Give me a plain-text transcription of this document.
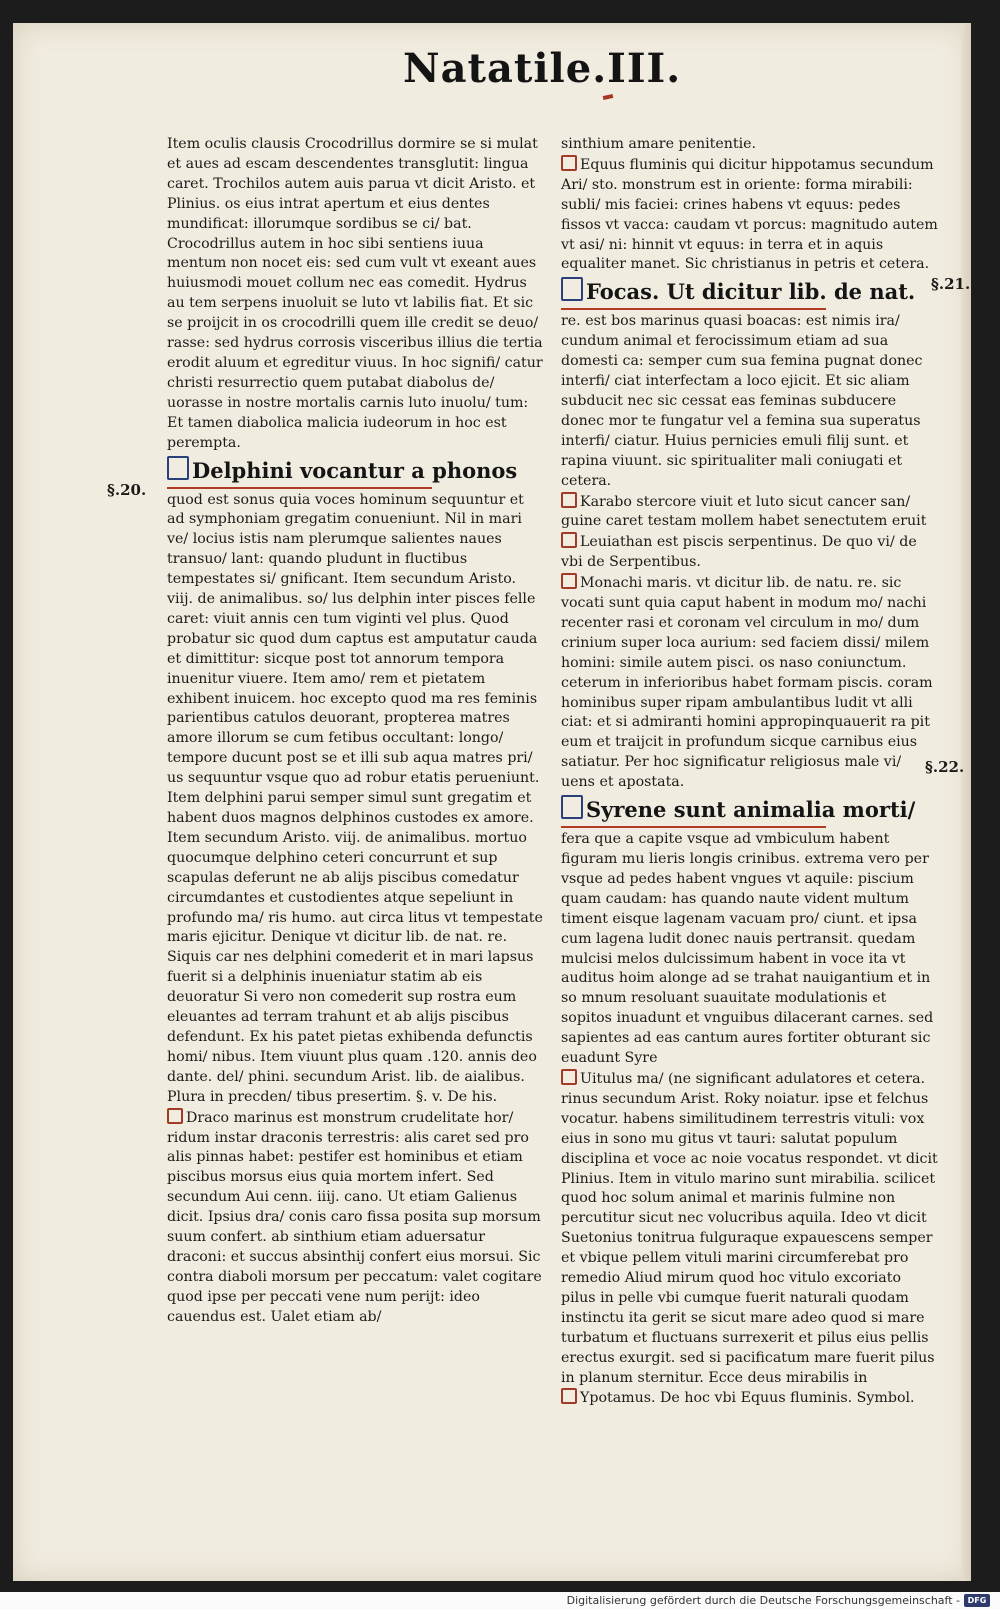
Natatile.III.
§.20.
§.21.
§.22.

Item oculis clausis Crocodrillus dormire se si mulat et aues ad escam descendentes transglutit: lingua caret. Trochilos autem auis parua vt dicit Aristo. et Plinius. os eius intrat apertum et eius dentes mundificat: illorumque sordibus se ci/ bat. Crocodrillus autem in hoc sibi sentiens iuua mentum non nocet eis: sed cum vult vt exeant aues huiusmodi mouet collum nec eas comedit. Hydrus au tem serpens inuoluit se luto vt labilis fiat. Et sic se proijcit in os crocodrilli quem ille credit se deuo/ rasse: sed hydrus corrosis visceribus illius die tertia erodit aluum et egreditur viuus. In hoc signifi/ catur christi resurrectio quem putabat diabolus de/ uorasse in nostre mortalis carnis luto inuolu/ tum: Et tamen diabolica malicia iudeorum in hoc est perempta.

Delphini vocantur a phonos

quod est sonus quia voces hominum sequuntur et ad symphoniam gregatim conueniunt. Nil in mari ve/ locius istis nam plerumque salientes naues transuo/ lant: quando pludunt in fluctibus tempestates si/ gnificant. Item secundum Aristo. viij. de animalibus. so/ lus delphin inter pisces felle caret: viuit annis cen tum viginti vel plus. Quod probatur sic quod dum captus est amputatur cauda et dimittitur: sicque post tot annorum tempora inuenitur viuere. Item amo/ rem et pietatem exhibent inuicem. hoc excepto quod ma res feminis parientibus catulos deuorant, propterea matres amore illorum se cum fetibus occultant: longo/ tempore ducunt post se et illi sub aqua matres pri/ us sequuntur vsque quo ad robur etatis perueniunt. Item delphini parui semper simul sunt gregatim et habent duos magnos delphinos custodes ex amore. Item secundum Aristo. viij. de animalibus. mortuo quocumque delphino ceteri concurrunt et sup scapulas deferunt ne ab alijs piscibus comedatur circumdantes et custodientes atque sepeliunt in profundo ma/ ris humo. aut circa litus vt tempestate maris ejicitur. Denique vt dicitur lib. de nat. re. Siquis car nes delphini comederit et in mari lapsus fuerit si a delphinis inueniatur statim ab eis deuoratur Si vero non comederit sup rostra eum eleuantes ad terram trahunt et ab alijs piscibus defendunt. Ex his patet pietas exhibenda defunctis homi/ nibus. Item viuunt plus quam .120. annis deo dante. del/ phini. secundum Arist. lib. de aialibus. Plura in precden/ tibus presertim. §. v. De his.

Draco marinus est monstrum crudelitate hor/ ridum instar draconis terrestris: alis caret sed pro alis pinnas habet: pestifer est hominibus et etiam piscibus morsus eius quia mortem infert. Sed secundum Aui cenn. iiij. cano. Ut etiam Galienus dicit. Ipsius dra/ conis caro fissa posita sup morsum suum confert. ab sinthium etiam aduersatur draconi: et succus absinthij confert eius morsui. Sic contra diaboli morsum per peccatum: valet cogitare quod ipse per peccati vene num perijt: ideo cauendus est. Ualet etiam ab/

sinthium amare penitentie.

Equus fluminis qui dicitur hippotamus secundum Ari/ sto. monstrum est in oriente: forma mirabili: subli/ mis faciei: crines habens vt equus: pedes fissos vt vacca: caudam vt porcus: magnitudo autem vt asi/ ni: hinnit vt equus: in terra et in aquis equaliter manet. Sic christianus in petris et cetera.

Focas. Ut dicitur lib. de nat.

re. est bos marinus quasi boacas: est nimis ira/ cundum animal et ferocissimum etiam ad sua domesti ca: semper cum sua femina pugnat donec interfi/ ciat interfectam a loco ejicit. Et sic aliam subducit nec sic cessat eas feminas subducere donec mor te fungatur vel a femina sua superatus interfi/ ciatur. Huius pernicies emuli filij sunt. et rapina viuunt. sic spiritualiter mali coniugati et cetera.

Karabo stercore viuit et luto sicut cancer san/ guine caret testam mollem habet senectutem eruit

Leuiathan est piscis serpentinus. De quo vi/ de vbi de Serpentibus.

Monachi maris. vt dicitur lib. de natu. re. sic vocati sunt quia caput habent in modum mo/ nachi recenter rasi et coronam vel circulum in mo/ dum crinium super loca aurium: sed faciem dissi/ milem homini: simile autem pisci. os naso coniunctum. ceterum in inferioribus habet formam piscis. coram hominibus super ripam ambulantibus ludit vt alli ciat: et si admiranti homini appropinquauerit ra pit eum et traijcit in profundum sicque carnibus eius satiatur. Per hoc significatur religiosus male vi/ uens et apostata.

Syrene sunt animalia morti/

fera que a capite vsque ad vmbiculum habent figuram mu lieris longis crinibus. extrema vero per vsque ad pedes habent vngues vt aquile: piscium quam caudam: has quando naute vident multum timent eisque lagenam vacuam pro/ ciunt. et ipsa cum lagena ludit donec nauis pertransit. quedam mulcisi melos dulcissimum habent in voce ita vt auditus hoim alonge ad se trahat nauigantium et in so mnum resoluant suauitate modulationis et sopitos inuadunt et vnguibus dilacerant carnes. sed sapientes ad eas cantum aures fortiter obturant sic euadunt Syre

Uitulus ma/ (ne significant adulatores et cetera. rinus secundum Arist. Roky noiatur. ipse et felchus vocatur. habens similitudinem terrestris vituli: vox eius in sono mu gitus vt tauri: salutat populum disciplina et voce ac noie vocatus respondet. vt dicit Plinius. Item in vitulo marino sunt mirabilia. scilicet quod hoc solum animal et marinis fulmine non percutitur sicut nec volucribus aquila. Ideo vt dicit Suetonius tonitrua fulguraque expauescens semper et vbique pellem vituli marini circumferebat pro remedio Aliud mirum quod hoc vitulo excoriato pilus in pelle vbi cumque fuerit naturali quodam instinctu ita gerit se sicut mare adeo quod si mare turbatum et fluctuans surrexerit et pilus eius pellis erectus exurgit. sed si pacificatum mare fuerit pilus in planum sternitur. Ecce deus mirabilis in

Ypotamus. De hoc vbi Equus fluminis. Symbol.

Digitalisierung gefördert durch die Deutsche Forschungsgemeinschaft - DFG
